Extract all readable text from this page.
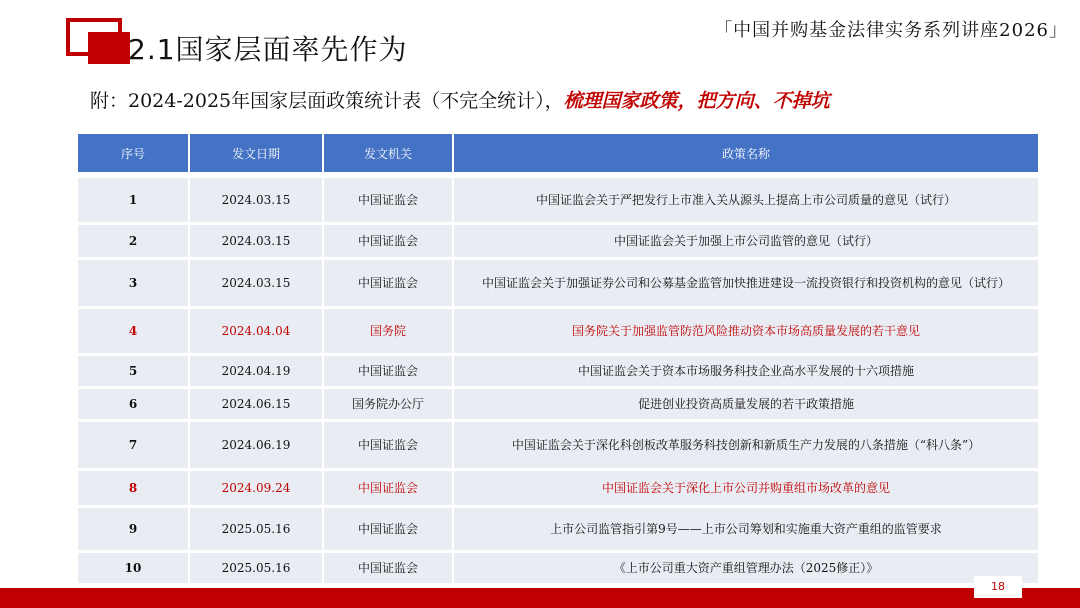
2.1国家层面率先作为
「中国并购基金法律实务系列讲座2026」
附：2024-2025年国家层面政策统计表（不完全统计），梳理国家政策，把方向、不掉坑
序号	发文日期	发文机关	政策名称

1	2024.03.15	中国证监会	中国证监会关于严把发行上市准入关从源头上提高上市公司质量的意见（试行）
2	2024.03.15	中国证监会	中国证监会关于加强上市公司监管的意见（试行）
3	2024.03.15	中国证监会	中国证监会关于加强证券公司和公募基金监管加快推进建设一流投资银行和投资机构的意见（试行）
4	2024.04.04	国务院	国务院关于加强监管防范风险推动资本市场高质量发展的若干意见
5	2024.04.19	中国证监会	中国证监会关于资本市场服务科技企业高水平发展的十六项措施
6	2024.06.15	国务院办公厅	促进创业投资高质量发展的若干政策措施
7	2024.06.19	中国证监会	中国证监会关于深化科创板改革服务科技创新和新质生产力发展的八条措施（“科八条”）
8	2024.09.24	中国证监会	中国证监会关于深化上市公司并购重组市场改革的意见
9	2025.05.16	中国证监会	上市公司监管指引第9号——上市公司筹划和实施重大资产重组的监管要求
10	2025.05.16	中国证监会	《上市公司重大资产重组管理办法（2025修正）》
18
